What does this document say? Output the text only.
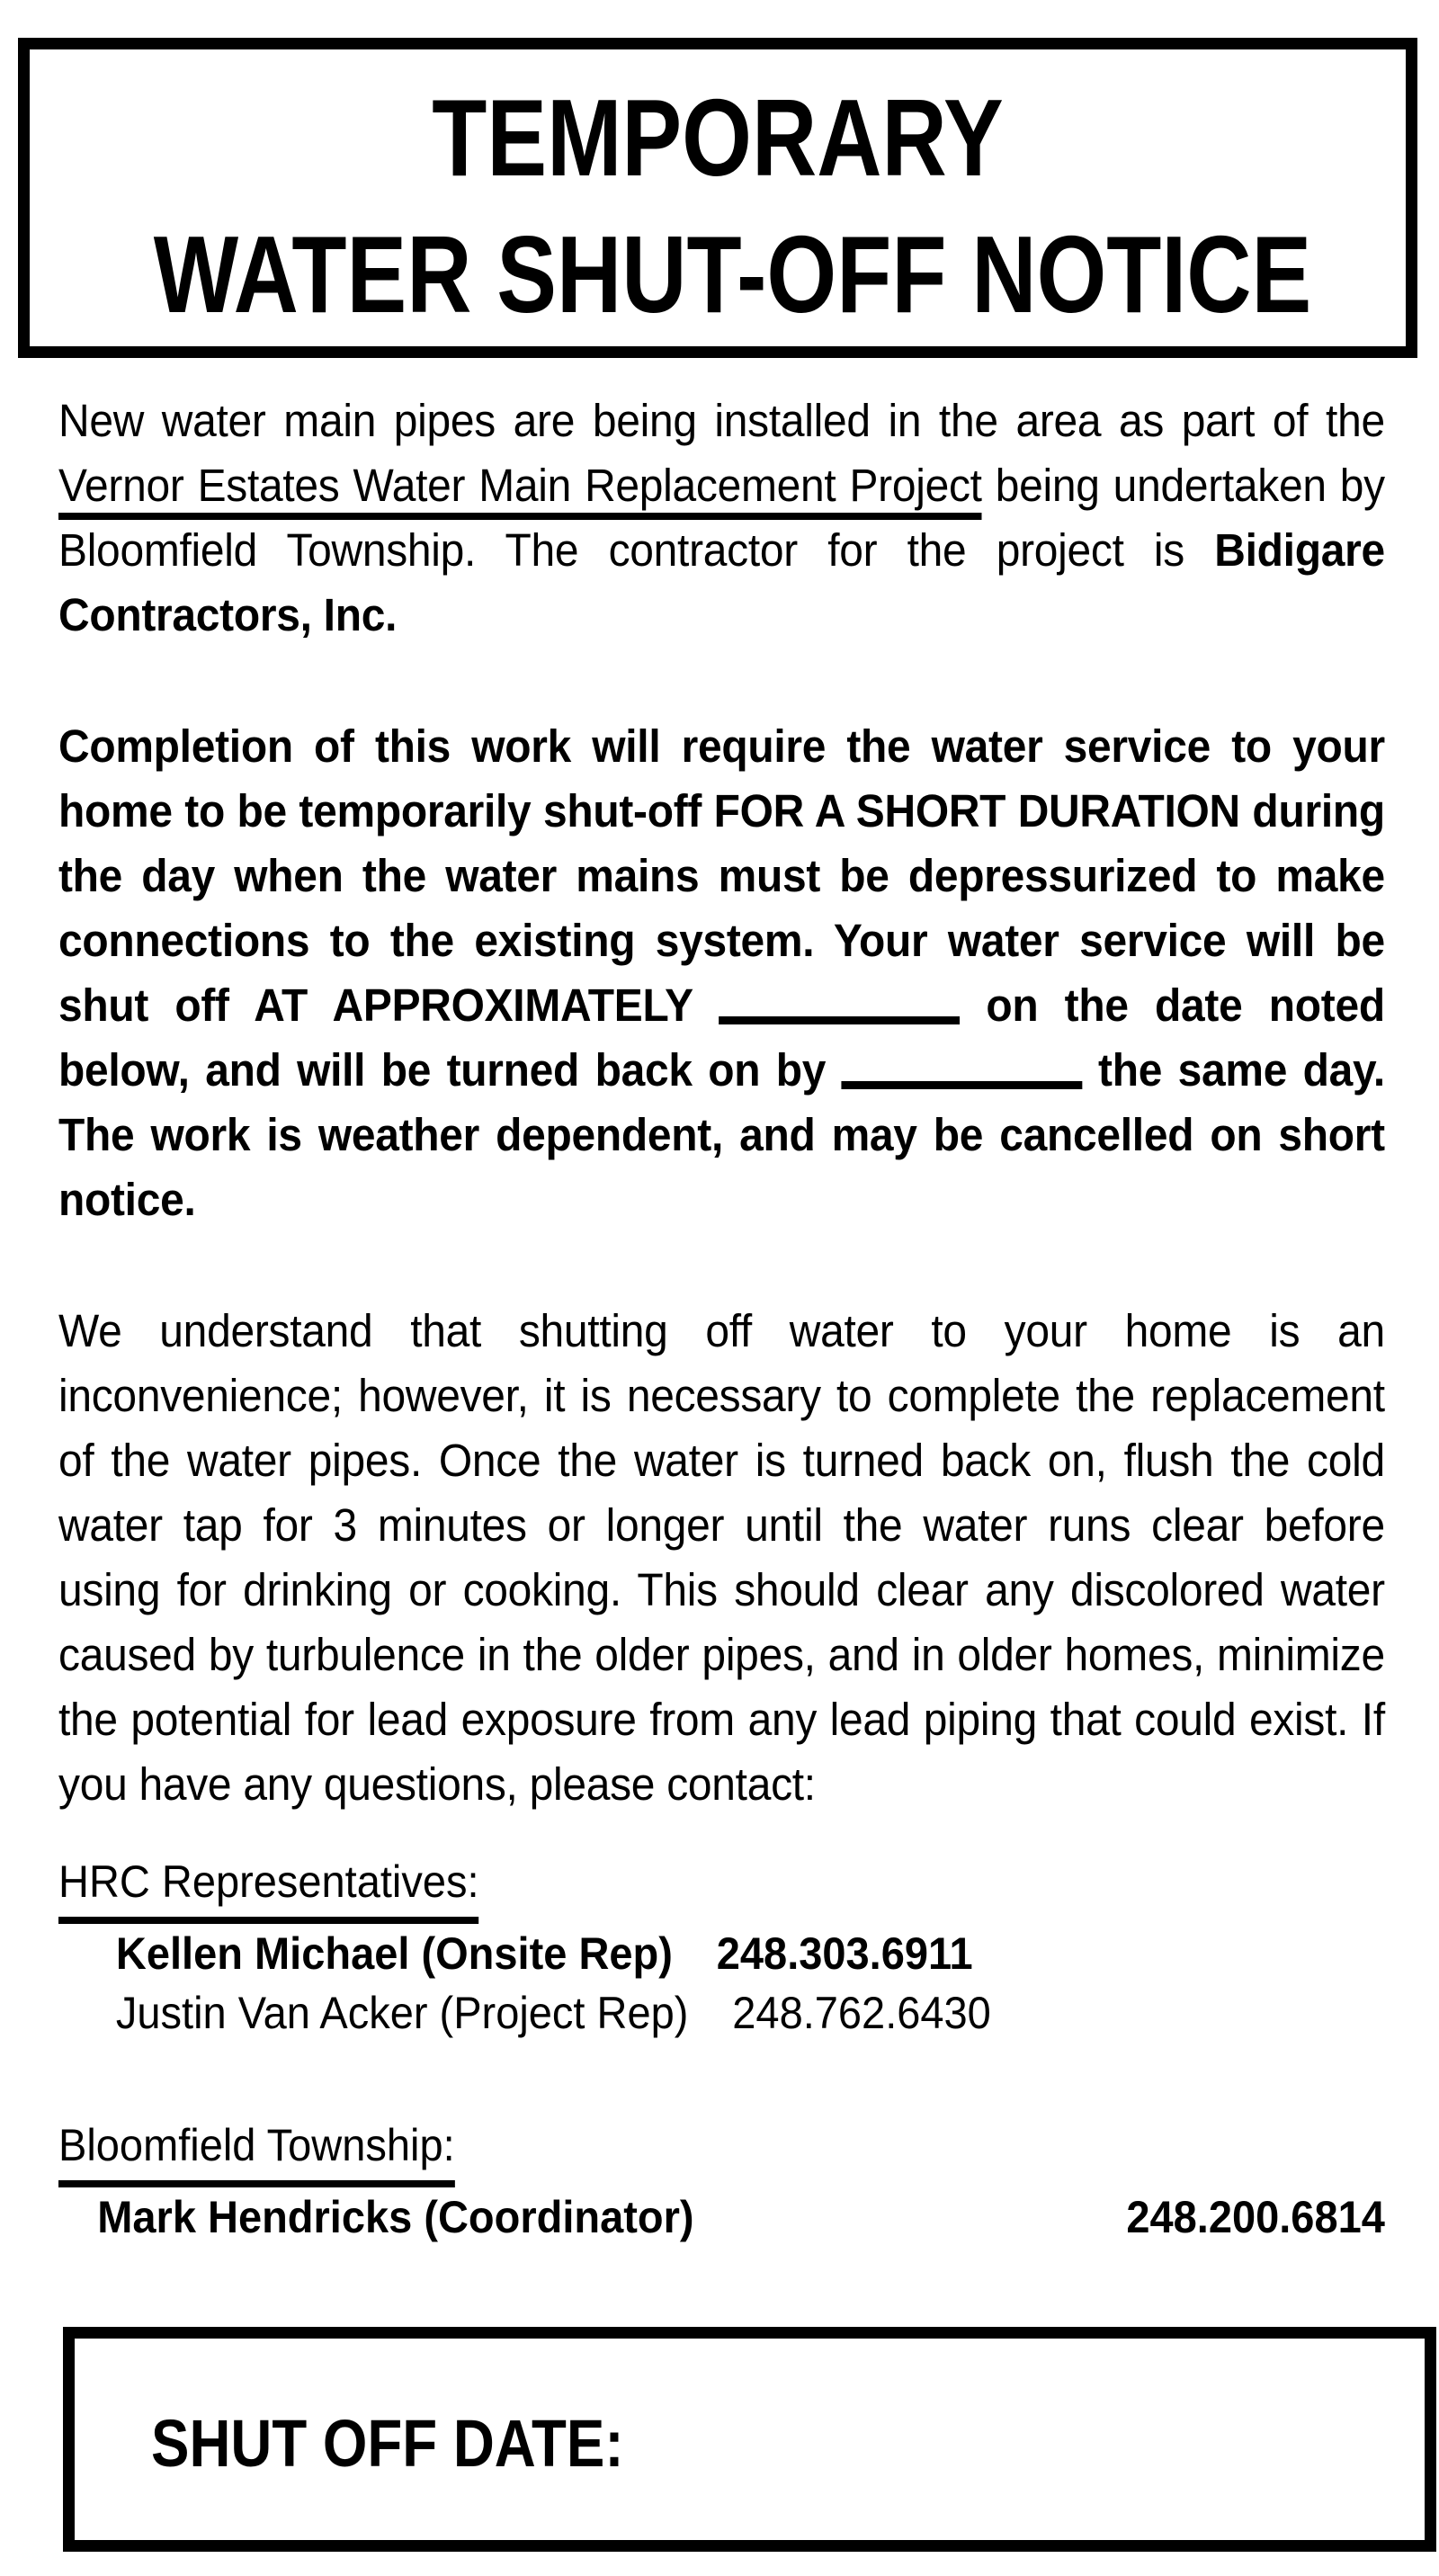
TEMPORARY
WATER SHUT-OFF NOTICE

New water main pipes are being installed in the area as part of the Vernor Estates Water Main Replacement Project being undertaken by Bloomfield Township. The contractor for the project is Bidigare Contractors, Inc.

Completion of this work will require the water service to your home to be temporarily shut-off FOR A SHORT DURATION during the day when the water mains must be depressurized to make connections to the existing system. Your water service will be shut off AT APPROXIMATELY	on the date noted below, and will be turned back on by	the same day. The work is weather dependent, and may be cancelled on short notice.

We understand that shutting off water to your home is an inconvenience; however, it is necessary to complete the replacement of the water pipes. Once the water is turned back on, flush the cold water tap for 3 minutes or longer until the water runs clear before using for drinking or cooking. This should clear any discolored water caused by turbulence in the older pipes, and in older homes, minimize the potential for lead exposure from any lead piping that could exist. If you have any questions, please contact:

HRC Representatives:
Kellen Michael (Onsite Rep) 248.303.6911
Justin Van Acker (Project Rep) 248.762.6430
Bloomfield Township:
Mark Hendricks (Coordinator)	248.200.6814
SHUT OFF DATE:
